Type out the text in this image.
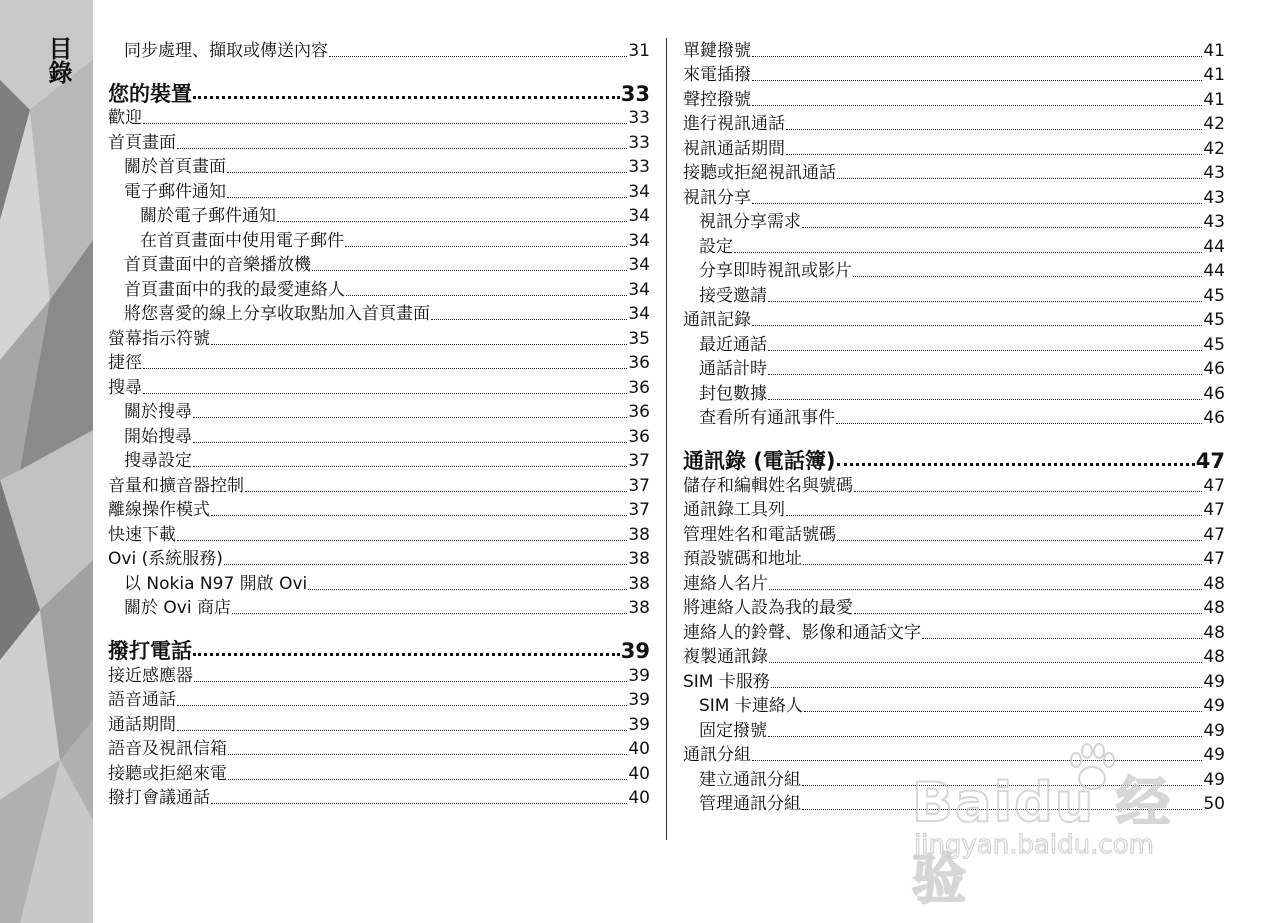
目錄	同步處理、擷取或傳送內容	31
您的裝置	33
歡迎	33
首頁畫面	33
關於首頁畫面	33
電子郵件通知	34
關於電子郵件通知	34
在首頁畫面中使用電子郵件	34
首頁畫面中的音樂播放機	34
首頁畫面中的我的最愛連絡人	34
將您喜愛的線上分享收取點加入首頁畫面	34
螢幕指示符號	35
捷徑	36
搜尋	36
關於搜尋	36
開始搜尋	36
搜尋設定	37
音量和擴音器控制	37
離線操作模式	37
快速下載	38
Ovi (系統服務)	38
以 Nokia N97 開啟 Ovi	38
關於 Ovi 商店	38
撥打電話	39
接近感應器	39
語音通話	39
通話期間	39
語音及視訊信箱	40
接聽或拒絕來電	40
撥打會議通話	40
單鍵撥號	41
來電插撥	41
聲控撥號	41
進行視訊通話	42
視訊通話期間	42
接聽或拒絕視訊通話	43
視訊分享	43
視訊分享需求	43
設定	44
分享即時視訊或影片	44
接受邀請	45
通訊記錄	45
最近通話	45
通話計時	46
封包數據	46
查看所有通訊事件	46
通訊錄 (電話簿)	47
儲存和編輯姓名與號碼	47
通訊錄工具列	47
管理姓名和電話號碼	47
預設號碼和地址	47
連絡人名片	48
將連絡人設為我的最愛	48
連絡人的鈴聲、影像和通話文字	48
複製通訊錄	48
SIM 卡服務	49
SIM 卡連絡人	49
固定撥號	49
通訊分組	49
建立通訊分組	49
管理通訊分組	50
Baidu 经验
jingyan.baidu.com
